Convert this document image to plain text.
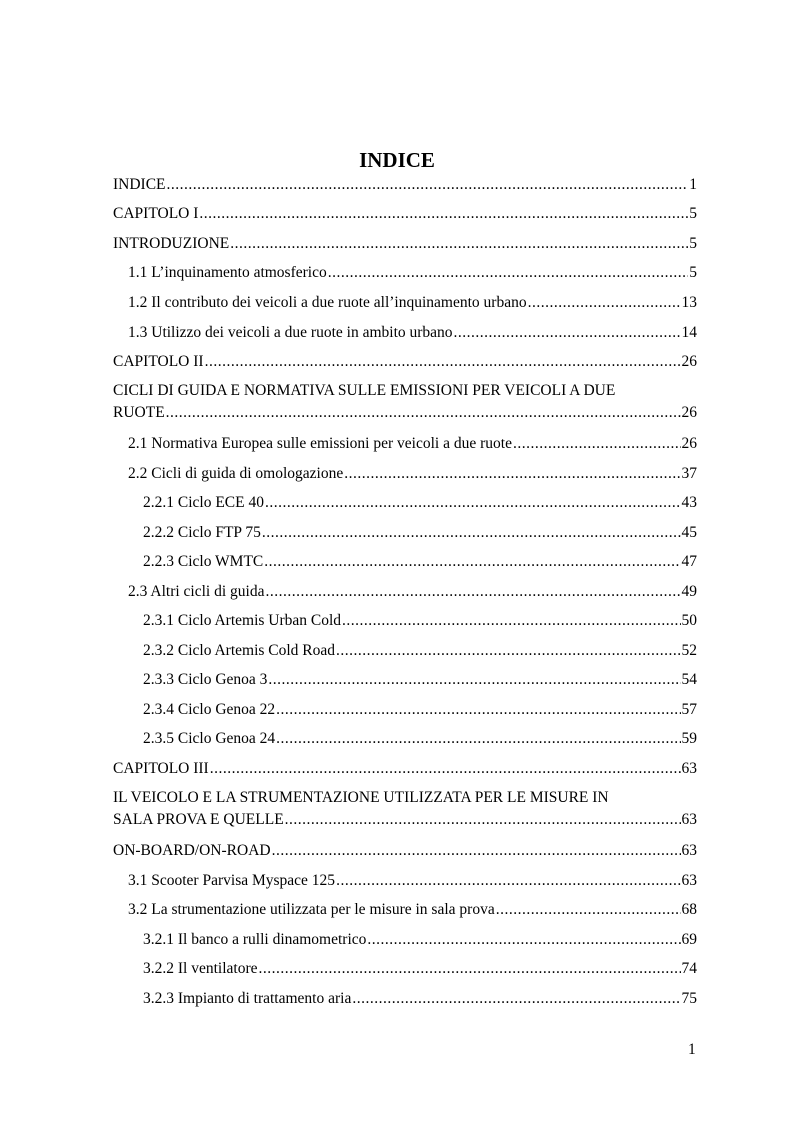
INDICE
INDICE .....	1
CAPITOLO I .....	5
INTRODUZIONE .....	5
1.1 L’inquinamento atmosferico .....	5
1.2 Il contributo dei veicoli a due ruote all’inquinamento urbano .....	13
1.3 Utilizzo dei veicoli a due ruote in ambito urbano .....	14
CAPITOLO II .....	26
CICLI DI GUIDA E NORMATIVA SULLE EMISSIONI PER VEICOLI A DUE
RUOTE .....	26
2.1 Normativa Europea sulle emissioni per veicoli a due ruote .....	26
2.2 Cicli di guida di omologazione .....	37
2.2.1 Ciclo ECE 40 .....	43
2.2.2 Ciclo FTP 75 .....	45
2.2.3 Ciclo WMTC .....	47
2.3 Altri cicli di guida .....	49
2.3.1 Ciclo Artemis Urban Cold .....	50
2.3.2 Ciclo Artemis Cold Road .....	52
2.3.3 Ciclo Genoa 3 .....	54
2.3.4 Ciclo Genoa 22 .....	57
2.3.5 Ciclo Genoa 24 .....	59
CAPITOLO III .....	63
IL VEICOLO E LA STRUMENTAZIONE UTILIZZATA PER LE MISURE IN
SALA PROVA E QUELLE .....	63
ON-BOARD/ON-ROAD .....	63
3.1 Scooter Parvisa Myspace 125 .....	63
3.2 La strumentazione utilizzata per le misure in sala prova .....	68
3.2.1 Il banco a rulli dinamometrico .....	69
3.2.2 Il ventilatore .....	74
3.2.3 Impianto di trattamento aria .....	75
1
